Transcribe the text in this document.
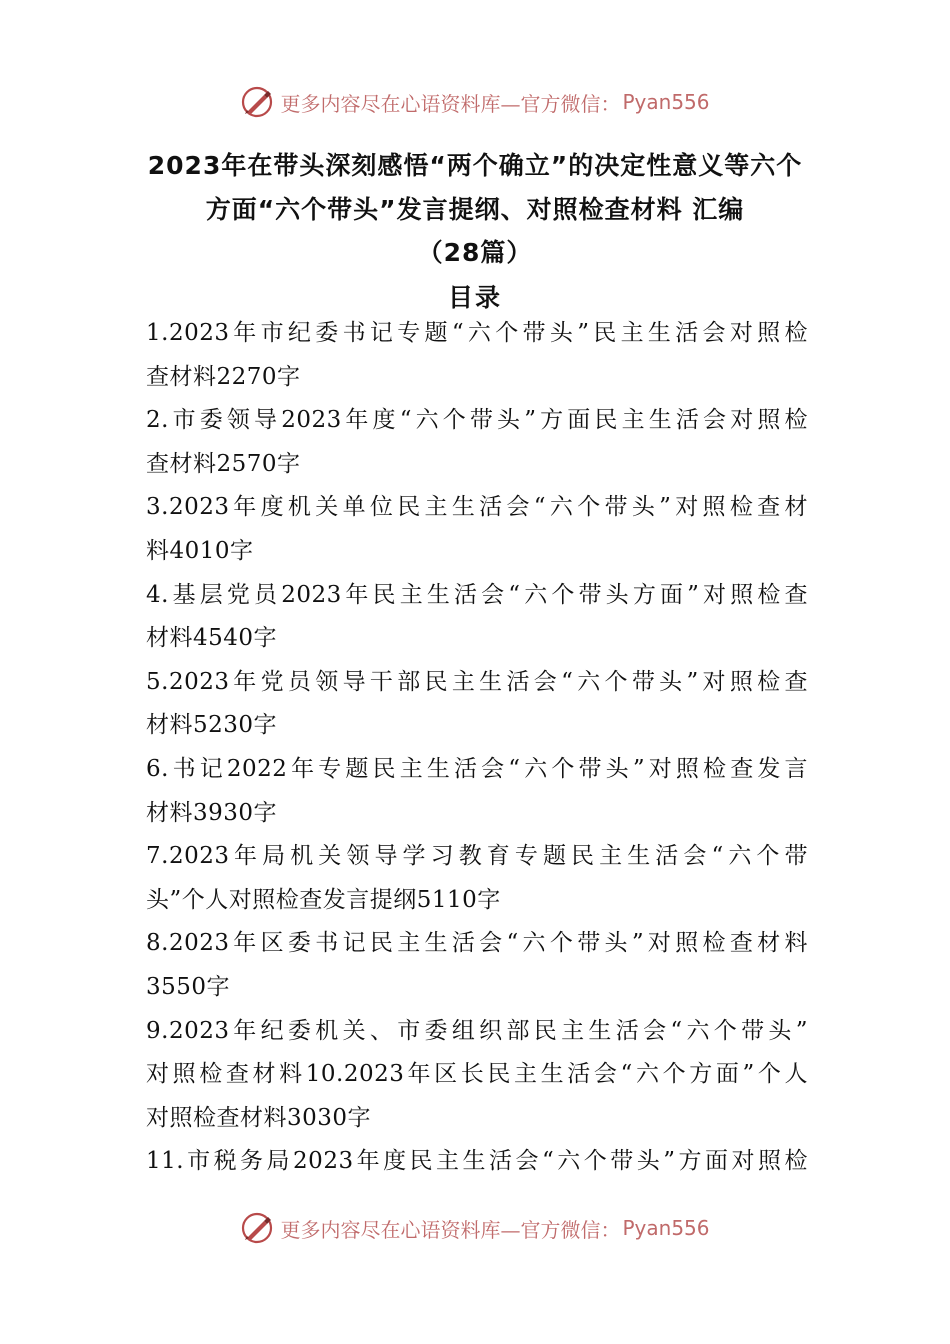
更多内容尽在心语资料库—官方微信： Pyan556
2023年在带头深刻感悟“两个确立”的决定性意义等六个
方面“六个带头”发言提纲、对照检查材料 汇编
（28篇）
目录
1.2023年市纪委书记专题“六个带头”民主生活会对照检
查材料2270字
2.市委领导2023年度“六个带头”方面民主生活会对照检
查材料2570字
3.2023年度机关单位民主生活会“六个带头”对照检查材
料4010字
4.基层党员2023年民主生活会“六个带头方面”对照检查
材料4540字
5.2023年党员领导干部民主生活会“六个带头”对照检查
材料5230字
6.书记2022年专题民主生活会“六个带头”对照检查发言
材料3930字
7.2023年局机关领导学习教育专题民主生活会“六个带
头”个人对照检查发言提纲5110字
8.2023年区委书记民主生活会“六个带头”对照检查材料
3550字
9.2023年纪委机关、市委组织部民主生活会“六个带头”
对照检查材料10.2023年区长民主生活会“六个方面”个人
对照检查材料3030字
11.市税务局2023年度民主生活会“六个带头”方面对照检
更多内容尽在心语资料库—官方微信： Pyan556
